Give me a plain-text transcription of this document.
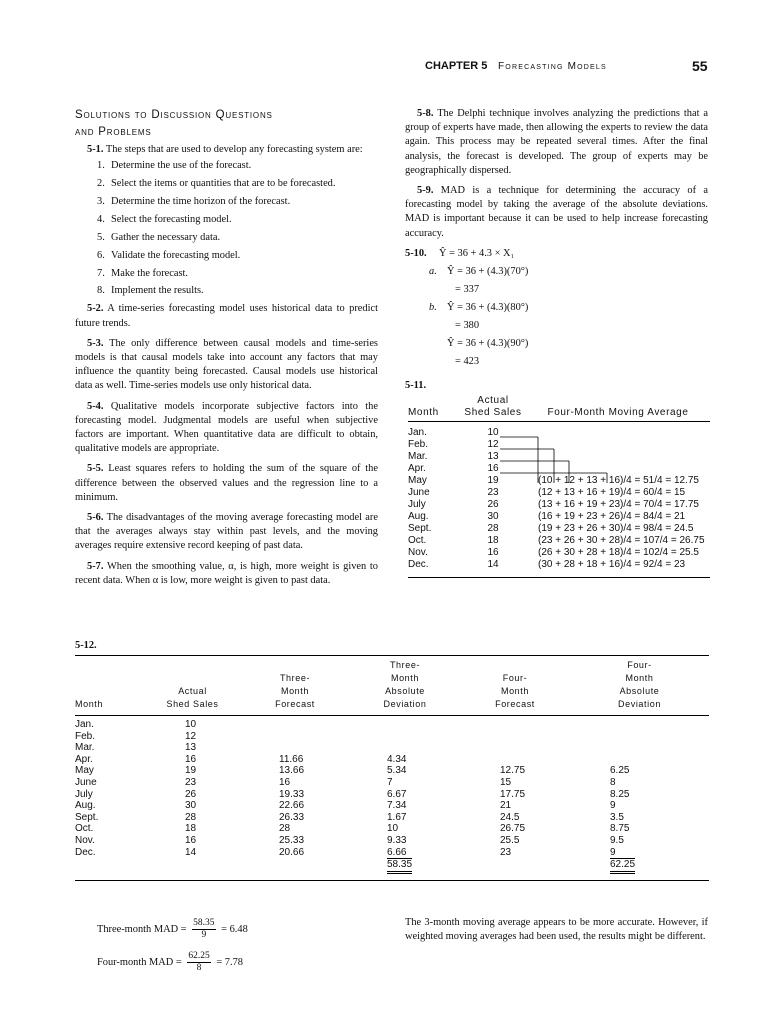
CHAPTER 5 Forecasting Models	55
Solutions to Discussion Questions
and Problems

5-1. The steps that are used to develop any forecasting system are:

1. Determine the use of the forecast.
2. Select the items or quantities that are to be forecasted.
3. Determine the time horizon of the forecast.
4. Select the forecasting model.
5. Gather the necessary data.
6. Validate the forecasting model.
7. Make the forecast.
8. Implement the results.

5-2. A time-series forecasting model uses historical data to predict future trends.

5-3. The only difference between causal models and time-series models is that causal models take into account any factors that may influence the quantity being forecasted. Causal models use historical data as well. Time-series models use only historical data.

5-4. Qualitative models incorporate subjective factors into the forecasting model. Judgmental models are useful when subjective factors are important. When quantitative data are difficult to obtain, qualitative models are appropriate.

5-5. Least squares refers to holding the sum of the square of the difference between the observed values and the regression line to a minimum.

5-6. The disadvantages of the moving average forecasting model are that the averages always stay within past levels, and the moving averages require extensive record keeping of past data.

5-7. When the smoothing value, α, is high, more weight is given to recent data. When α is low, more weight is given to past data.

5-8. The Delphi technique involves analyzing the predictions that a group of experts have made, then allowing the experts to review the data again. This process may be repeated several times. After the final analysis, the forecast is developed. The group of experts may be geographically dispersed.

5-9. MAD is a technique for determining the accuracy of a forecasting model by taking the average of the absolute deviations. MAD is important because it can be used to help increase forecasting accuracy.

5-10. Ŷ = 36 + 4.3 × X₁
a. Ŷ = 36 + (4.3)(70°)
= 337
b. Ŷ = 36 + (4.3)(80°)
= 380
Ŷ = 36 + (4.3)(90°)
= 423
5-11.
	Actual	
Month	Shed Sales	Four-Month Moving Average
Jan.	10	
Feb.	12	
Mar.	13	
Apr.	16	
May	19	(10 + 12 + 13 + 16)/4 = 51/4 = 12.75
June	23	(12 + 13 + 16 + 19)/4 = 60/4 = 15
July	26	(13 + 16 + 19 + 23)/4 = 70/4 = 17.75
Aug.	30	(16 + 19 + 23 + 26)/4 = 84/4 = 21
Sept.	28	(19 + 23 + 26 + 30)/4 = 98/4 = 24.5
Oct.	18	(23 + 26 + 30 + 28)/4 = 107/4 = 26.75
Nov.	16	(26 + 30 + 28 + 18)/4 = 102/4 = 25.5
Dec.	14	(30 + 28 + 18 + 16)/4 = 92/4 = 23
5-12.
			Three-		Four-
		Three-	Month	Four-	Month
	Actual	Month	Absolute	Month	Absolute
Month	Shed Sales	Forecast	Deviation	Forecast	Deviation
Jan.	10				
Feb.	12				
Mar.	13				
Apr.	16	11.66	4.34		
May	19	13.66	5.34	12.75	6.25
June	23	16	7	15	8
July	26	19.33	6.67	17.75	8.25
Aug.	30	22.66	7.34	21	9
Sept.	28	26.33	1.67	24.5	3.5
Oct.	18	28	10	26.75	8.75
Nov.	16	25.33	9.33	25.5	9.5
Dec.	14	20.66	6.66	23	9
			58.35		62.25
Three-month MAD = $\frac{58.35}{9} = 6.48$
Four-month MAD = $\frac{62.25}{8} = 7.78$
The 3-month moving average appears to be more accurate. However, if weighted moving averages had been used, the results might be different.
